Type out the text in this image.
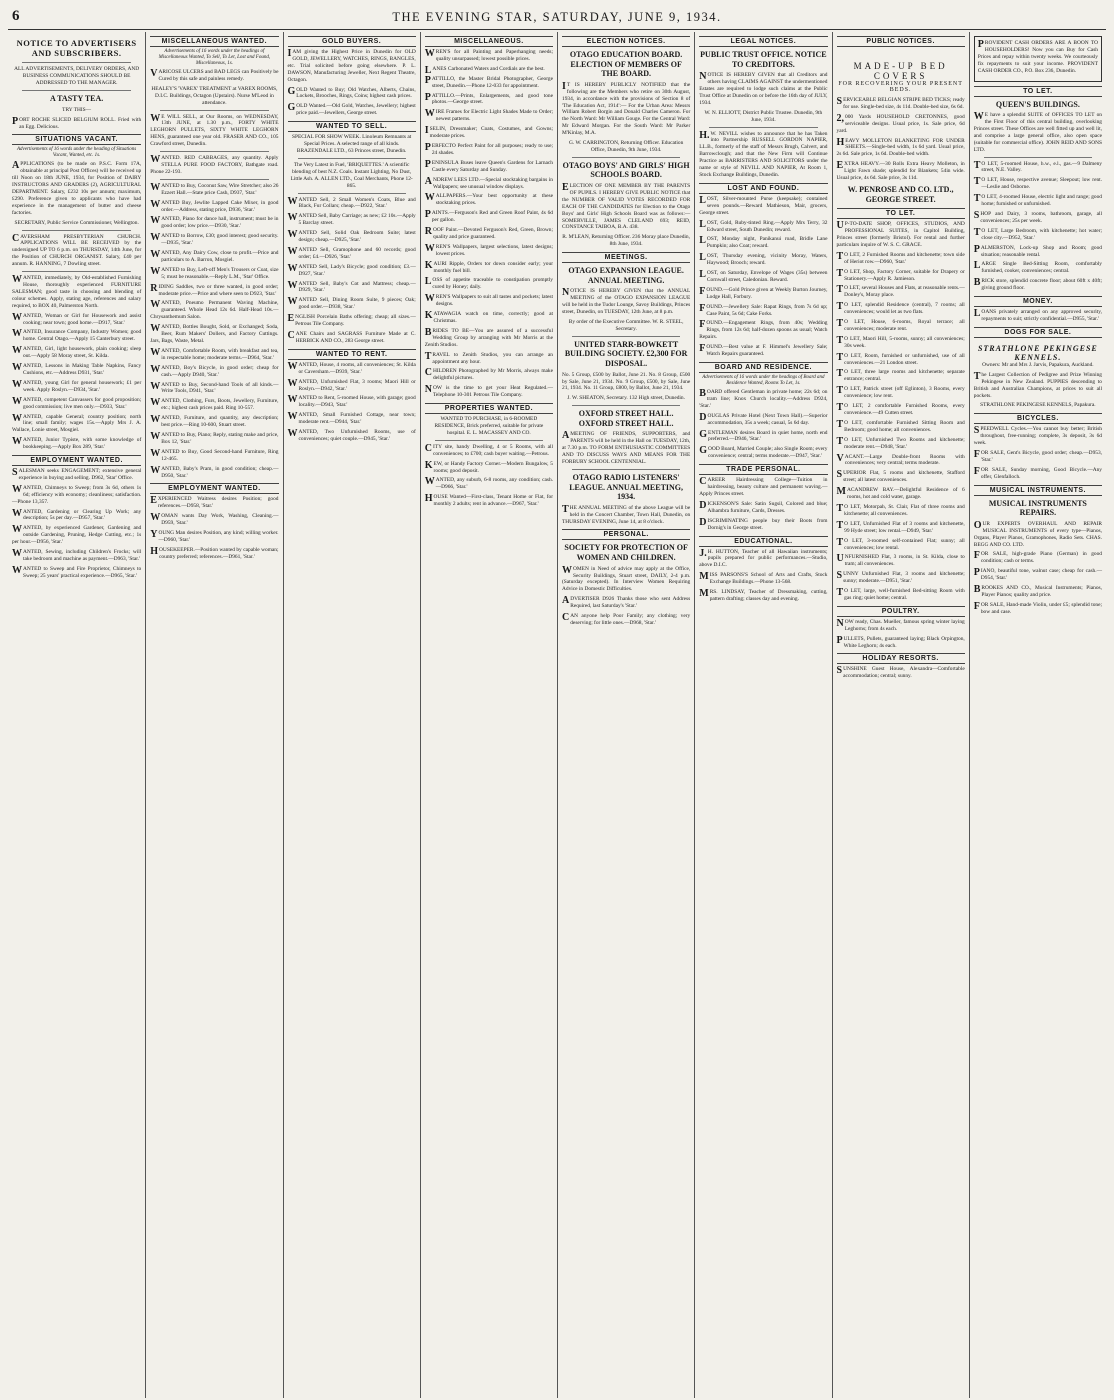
6	THE EVENING STAR, SATURDAY, JUNE 9, 1934.
NOTICE TO ADVERTISERS AND SUBSCRIBERS.
ALL ADVERTISEMENTS, DELIVERY ORDERS, AND BUSINESS COMMUNICATIONS SHOULD BE ADDRESSED TO THE MANAGER.
A TASTY TEA.
TRY THIS—
PORT ROCHE SLICED BELGIUM ROLL. Fried with an Egg. Delicious.
SITUATIONS VACANT.
Advertisements of 16 words under the heading of Situations Vacant, Wanted, etc. 1s.
APPLICATIONS (to be made on P.S.C. Form 17A, obtainable at principal Post Offices) will be received up till Noon on 18th JUNE, 1934, for Position of DAIRY INSTRUCTORS AND GRADERS (2), AGRICULTURAL DEPARTMENT. Salary, £232 10s per annum; maximum, £290. Preference given to applicants who have had experience in the management of butter and cheese factories.
SECRETARY, Public Service Commissioner, Wellington.
CAVERSHAM PRESBYTERIAN CHURCH. APPLICATIONS WILL BE RECEIVED by the undersigned UP TO 6 p.m. on THURSDAY, 14th June, for the Position of CHURCH ORGANIST. Salary, £40 per annum. R. HANNING, 7 Dowling street.
WANTED, immediately, by Old-established Furnishing House, thoroughly experienced FURNITURE SALESMAN; good taste in choosing and blending of colour schemes. Apply, stating age, references and salary required, to BOX 40, Palmerston North.
WANTED, Woman or Girl for Housework and assist cooking; near town; good home.—D917, 'Star.'
WANTED, Insurance Company, Industry Women; good home. Central Otago.—Apply 15 Canterbury street.
WANTED, Girl, light housework, plain cooking; sleep out.—Apply 58 Moray street, St. Kilda.
WANTED, Lessons in Making Table Napkins, Fancy Cushions, etc.—Address D931, 'Star.'
WANTED, young Girl for general housework; £1 per week. Apply Roslyn.—D934, 'Star.'
WANTED, competent Canvassers for good proposition; good commission; live men only.—D933, 'Star.'
WANTED, capable General; country position; north line; small family; wages 15s.—Apply Mrs J. A. Wallace, Lonie street, Mosgiel.
WANTED, Junior Typiste, with some knowledge of bookkeeping.—Apply Box 289, 'Star.'
EMPLOYMENT WANTED.
SALESMAN seeks ENGAGEMENT; extensive general experience in buying and selling. D962, 'Star' Office.
WANTED, Chimneys to Sweep; from 3s 6d, others 1s 6d; efficiency with economy; cleanliness; satisfaction.—Phone 13,357.
WANTED, Gardening or Clearing Up Work; any description; 5s per day.—D957, 'Star.'
WANTED, by experienced Gardener, Gardening and outside Gardening, Pruning, Hedge Cutting, etc.; 1s per hour.—D956, 'Star.'
WANTED, Sewing, including Children's Frocks; will take bedroom and machine as payment.—D963, 'Star.'
WANTED to Sweep and Fire Proprietor, Chimneys to Sweep; 25 years' practical experience.—D965, 'Star.'
MISCELLANEOUS WANTED.
Advertisements of 16 words under the headings of Miscellaneous Wanted, To Sell, To Let, Lost and Found, Miscellaneous, 1s.
VARICOSE ULCERS and BAD LEGS can Positively be Cured by this safe and painless remedy.
HEALEY'S 'VAREX' TREATMENT at VAREX ROOMS, D.I.C. Buildings, Octagon (Upstairs). Nurse M'Leod in attendance.
WE WILL SELL, at Our Rooms, on WEDNESDAY, 13th JUNE, at 1.30 p.m., FORTY WHITE LEGHORN PULLETS, SIXTY WHITE LEGHORN HENS, guaranteed one year old. FRASER AND CO., 105 Crawford street, Dunedin.
WANTED. RED CABBAGES, any quantity. Apply STELLA PURE FOOD FACTORY, Bathgate road. Phone 22-193.
WANTED to Buy, Coconut Saw, Wire Stretcher; also 26 Ezzert Hall.—State price Cash, D937, 'Star.'
WANTED Buy, Jewlite Lapped Cake Mixer, in good order.—Address, stating price, D936, 'Star.'
WANTED, Piano for dance hall, instrument; must be in good order; low price.—D930, 'Star.'
WANTED to Borrow, £30; good interest; good security.—D935, 'Star.'
WANTED, Any Dairy Cow, close to profit.—Price and particulars to A. Barron, Mosgiel.
WANTED to Buy, Left-off Men's Trousers or Coat, size 5; must be reasonable.—Reply L.M., 'Star' Office.
RIDING Saddles, two or three wanted, in good order; moderate price.—Price and where seen to D923, 'Star.'
WANTED, Pneumo Permanent Waving Machine, guaranteed. Whole Head 12s 6d. Half-Head 10s.—Chrysanthemum Salon.
WANTED, Bottles Bought, Sold, or Exchanged; Soda, Beer, Rum Makers' Dollers, and Factory Cuttings. Jars, Bags, Waste, Metal.
WANTED, Comfortable Room, with breakfast and tea, in respectable home; moderate terms.—D964, 'Star.'
WANTED, Boy's Bicycle, in good order; cheap for cash.—Apply D940, 'Star.'
WANTED to Buy, Second-hand Tools of all kinds.—Write Tools, D941, 'Star.'
WANTED, Clothing, Furs, Boots, Jewellery, Furniture, etc.; highest cash prices paid. Ring 10-557.
WANTED, Furniture, and quantity, any description; best price.—Ring 10-600, Stuart street.
WANTED to Buy, Piano; Reply, stating make and price, Box 12, 'Star.'
WANTED to Buy, Good Second-hand Furniture, Ring 12-465.
WANTED, Baby's Pram, in good condition; cheap.—D950, 'Star.'
EMPLOYMENT WANTED.
EXPERIENCED Waitress desires Position; good references.—D958, 'Star.'
WOMAN wants Day Work, Washing, Cleaning.—D959, 'Star.'
YOUNG Man desires Position, any kind; willing worker.—D960, 'Star.'
HOUSEKEEPER.—Position wanted by capable woman; country preferred; references.—D961, 'Star.'
GOLD BUYERS.
IAM giving the Highest Price in Dunedin for OLD GOLD, JEWELLERY, WATCHES, RINGS, BANGLES, etc. Trial solicited before going elsewhere. P. L. DAWSON, Manufacturing Jeweller, Next Regent Theatre, Octagon.
GOLD Wanted to Buy; Old Watches, Alberts, Chains, Lockets, Brooches, Rings, Coins; highest cash prices.
GOLD Wanted.—Old Gold, Watches, Jewellery; highest price paid.—Jewellers, George street.
WANTED TO SELL.
SPECIAL FOR SHOW WEEK. Linoleum Remnants at Special Prices. A selected range of all kinds. BRAZENDALE LTD., 63 Princes street, Dunedin.
The Very Latest in Fuel, 'BRIQUETTES.' A scientific blending of best N.Z. Coals. Instant Lighting, No Dust, Little Ash. A. ALLEN LTD., Coal Merchants, Phone 12-865.
WANTED Sell, 2 Small Women's Coats, Blue and Black, Fur Collars; cheap.—D922, 'Star.'
WANTED Sell, Baby Carriage; as new; £2 10s.—Apply 5 Barclay street.
WANTED Sell, Solid Oak Bedroom Suite; latest design; cheap.—D925, 'Star.'
WANTED Sell, Gramophone and 60 records; good order; £4.—D926, 'Star.'
WANTED Sell, Lady's Bicycle; good condition; £3.—D927, 'Star.'
WANTED Sell, Baby's Cot and Mattress; cheap.—D929, 'Star.'
WANTED Sell, Dining Room Suite, 9 pieces; Oak; good order.—D938, 'Star.'
ENGLISH Porcelain Baths offering; cheap; all sizes.—Petrous Tile Company.
CANE Chairs and SAGRASS Furniture Made at C. HERBICK AND CO., 283 George street.
WANTED TO RENT.
WANTED, House, 4 rooms, all conveniences; St. Kilda or Caversham.—D939, 'Star.'
WANTED, Unfurnished Flat, 3 rooms; Maori Hill or Roslyn.—D942, 'Star.'
WANTED to Rent, 5-roomed House, with garage; good locality.—D943, 'Star.'
WANTED, Small Furnished Cottage, near town; moderate rent.—D944, 'Star.'
WANTED, Two Unfurnished Rooms, use of conveniences; quiet couple.—D945, 'Star.'
MISCELLANEOUS.
WREN'S for all Painting and Paperhanging needs; quality unsurpassed; lowest possible prices.
LANES Carbonated Waters and Cordials are the best.
PATTILLO, the Master Bridal Photographer, George street, Dunedin.—Phone 12-033 for appointment.
PATTILLO.—Prints, Enlargements, and good tone photos.—George street.
WIRE Frames for Electric Light Shades Made to Order; newest patterns.
ISELIN, Dressmaker; Coats, Costumes, and Gowns; moderate prices.
PERFECTO Perfect Paint for all purposes; ready to use; 24 shades.
PENINSULA Buses leave Queen's Gardens for Larnach Castle every Saturday and Sunday.
ANDREW LEES LTD.—Special stocktaking bargains in Wallpapers; see unusual window displays.
WALLPAPERS.—Your best opportunity at these stocktaking prices.
PAINTS.—Ferguson's Red and Green Roof Paint, 4s 6d per gallon.
ROOF Paint.—Devoted Ferguson's Red, Green, Brown; quality and price guaranteed.
WREN'S Wallpapers, largest selections, latest designs; lowest prices.
KAURI Ripple, Orders tor down consider early; your monthly fuel bill.
LOSS of appetite traceable to constipation promptly cured by Honey; daily.
WREN'S Wallpapers to suit all tastes and pockets; latest designs.
KATAWAGIA watch on time, correctly; good at Christmas.
BRIDES TO BE—You are assured of a successful Wedding Group by arranging with Mr Morris at the Zenith Studios.
TRAVEL to Zenith Studios, you can arrange an appointment any hour.
CHILDREN Photographed by Mr Morris, always make delightful pictures.
NOW is the time to get your Heat Regulated.—Telephone 10-301 Petrous Tile Company.
PROPERTIES WANTED.
WANTED TO PURCHASE, in 6-ROOMED RESIDENCE, Brick preferred, suitable for private hospital. E. L. MACASSEY AND CO.
CITY site, handy Dwelling, 4 or 5 Rooms, with all conveniences; to £700; cash buyer waiting.—Petrous.
KEW, or Handy Factory Corner.—Modern Bungalow, 5 rooms; good deposit.
WANTED, any suburb, 6-8 rooms, any condition; cash.—D966, 'Star.'
HOUSE Wanted—First-class, Tenant Home or Flat, for monthly 2 adults; rent in advance.—D967, 'Star.'
ELECTION NOTICES.
OTAGO EDUCATION BOARD. ELECTION OF MEMBERS OF THE BOARD.
IT IS HEREBY PUBLICLY NOTIFIED that the following are the Members who retire on 30th August, 1934, in accordance with the provisions of Section 8 of 'The Education Act, 1914':— For the Urban Area: Messrs William Robert Borgin and Donald Charles Cameron. For the North Ward: Mr William Gouge. For the Central Ward: Mr Edward Morgan. For the South Ward: Mr Parker M'Kinlay, M.A.
G. W. CARRINGTON, Returning Officer. Education Office, Dunedin, 9th June, 1934.
OTAGO BOYS' AND GIRLS' HIGH SCHOOLS BOARD.
ELECTION OF ONE MEMBER BY THE PARENTS OF PUPILS. I HEREBY GIVE PUBLIC NOTICE that the NUMBER OF VALID VOTES RECORDED FOR EACH OF THE CANDIDATES for Election to the Otago Boys' and Girls' High Schools Board was as follows:— SOMERVILLE, JAMES CLELAND 693; REID, CONSTANCE TAIBOA, B.A. 438.
R. M'LEAN, Returning Officer. 236 Moray place Dunedin, 8th June, 1934.
MEETINGS.
OTAGO EXPANSION LEAGUE. ANNUAL MEETING.
NOTICE IS HEREBY GIVEN that the ANNUAL MEETING of the OTAGO EXPANSION LEAGUE will be held in the Tudor Lounge, Savoy Buildings, Princes street, Dunedin, on TUESDAY, 12th June, at 8 p.m.
By order of the Executive Committee. W. R. STEEL, Secretary.
UNITED STARR-BOWKETT BUILDING SOCIETY. £2,300 FOR DISPOSAL.
No. 5 Group, £500 by Ballot, June 21. No. 8 Group, £500 by Sale, June 21, 1934. No. 9 Group, £500, by Sale, June 21, 1934. No. 11 Group, £800, by Ballot, June 21, 1934.
J. W. SHEATON, Secretary. 132 High street, Dunedin.
OXFORD STREET HALL. OXFORD STREET HALL.
AMEETING OF FRIENDS, SUPPORTERS, and PARENTS will be held in the Hall on TUESDAY, 12th, at 7.30 p.m. TO FORM ENTHUSIASTIC COMMITTEES AND TO DISCUSS WAYS AND MEANS FOR THE FORBURY SCHOOL CENTENNIAL.
OTAGO RADIO LISTENERS' LEAGUE. ANNUAL MEETING, 1934.
THE ANNUAL MEETING of the above League will be held in the Concert Chamber, Town Hall, Dunedin, on THURSDAY EVENING, June 14, at 8 o'clock.
PERSONAL.
SOCIETY FOR PROTECTION OF WOMEN AND CHILDREN.
WOMEN in Need of advice may apply at the Office, Security Buildings, Stuart street, DAILY, 2-4 p.m. (Saturday excepted). In Interview Women Requiring Advice in Domestic Difficulties.
ADVERTISER D926 Thanks those who sent Address Required, last Saturday's 'Star.'
CAN anyone help Poor Family; any clothing; very deserving; for little ones.—D968, 'Star.'
LEGAL NOTICES.
PUBLIC TRUST OFFICE. NOTICE TO CREDITORS.
NOTICE IS HEREBY GIVEN that all Creditors and others having CLAIMS AGAINST the undermentioned Estates are required to lodge such claims at the Public Trust Office at Dunedin on or before the 16th day of JULY, 1934.
W. N. ELLIOTT, District Public Trustee. Dunedin, 9th June, 1934.
H.W. NEVILL wishes to announce that he has Taken into Partnership RUSSELL GORDON NAPIER, LL.B., formerly of the staff of Messrs Brugh, Calvert, and Barrowclough; and that the New Firm will Continue Practice as BARRISTERS AND SOLICITORS under the name or style of NEVILL AND NAPIER, At Room 1, Stock Exchange Buildings, Dunedin.
LOST AND FOUND.
LOST, Silver-mounted Purse (keepsake); contained seven pounds.—Reward Mathieson, Mair, grocers, George street.
LOST, Gold, Ruby-tinted Ring.—Apply Mrs Terry, 32 Edward street, South Dunedin; reward.
LOST, Monday night, Panikanui road, Bridle Lane Pumpkin; also Coat; reward.
LOST, Thursday evening, vicinity Moray, Waters, Haywood; Brooch; reward.
LOST, on Saturday, Envelope of Wages (35s) between Cornwall street, Caledonian. Reward.
FOUND.—Gold Prince given at Weekly Burton Journey, Lodge Hall, Forbury.
FOUND.—Jewellery Sale: Rapat Rings, from 7s 6d up; Case Paint, 5s 6d; Cake Forks.
FOUND.—Engagement Rings, from 40s; Wedding Rings, from 12s 6d; half-dozen spoons as usual; Watch Repairs.
FOUND.—Best value at F. Himmel's Jewellery Sale; Watch Repairs guaranteed.
BOARD AND RESIDENCE.
Advertisements of 16 words under the headings of Board and Residence Wanted, Rooms To Let, 1s.
BOARD offered Gentleman in private home; 22s 6d; on tram line; Knox Church locality.—Address D924, 'Star.'
DOUGLAS Private Hotel (Next Town Hall).—Superior accommodation, 35s a week; casual, 5s 6d day.
GENTLEMAN desires Board in quiet home, north end preferred.—D946, 'Star.'
GOOD Board, Married Couple; also Single Room; every convenience; central; terms moderate.—D947, 'Star.'
TRADE PERSONAL.
CAREER Hairdressing College—Tuition in hairdressing, beauty culture and permanent waving.—Apply Princes street.
DICKENSON'S Sale: Satin Sugsil, Colored and blue; Alhambra furniture, Cards, Dresses.
DISCRIMINATING people buy their Boots from Dornig's in George street.
EDUCATIONAL.
J.H. HUTTON, Teacher of all Hawaiian instruments; pupils prepared for public performances.—Studio, above D.I.C.
MISS PARSONS'S School of Arts and Crafts, Stock Exchange Buildings.—Phone 13-568.
MRS. LINDSAY, Teacher of Dressmaking, cutting, pattern drafting; classes day and evening.
PUBLIC NOTICES.
MADE-UP BED COVERS
FOR RECOVERING YOUR PRESENT BEDS.
SERVICEABLE BELGIAN STRIPE BED TICKS; ready for use. Single-bed size, 4s 11d. Double-bed size, 6s 6d.
2,000 Yards HOUSEHOLD CRETONNES, good serviceable designs. Usual price, 1s. Sale price, 6d yard.
HEAVY MOLLETON BLANKETING FOR UNDER SHEETS.—Single-bed width, 1s 6d yard. Usual price, 2s 6d. Sale price, 1s 6d. Double-bed width.
EXTRA HEAVY.—30 Rolls Extra Heavy Molleton, in Light Fawn shade; splendid for Blankets; 54in wide. Usual price, 4s 6d. Sale price, 3s 11d.
W. PENROSE AND CO. LTD., GEORGE STREET.
TO LET.
UP-TO-DATE SHOP, OFFICES, STUDIOS, AND PROFESSIONAL SUITES, in Capitol Building, Princes street (formerly Bristol). For rental and further particulars inquire of W. S. C. GRACE.
TO LET, 2 Furnished Rooms and kitchenette; town side of Heriot row.—D960, 'Star.'
TO LET, Shop, Factory Corner, suitable for Drapery or Stationery.—Apply R. Jamieson.
TO LET, several Houses and Flats, at reasonable rents.—Donley's, Moray place.
TO LET, splendid Residence (central), 7 rooms; all conveniences; would let as two flats.
TO LET, House, 6-rooms, Royal terrace; all conveniences; moderate rent.
TO LET, Maori Hill, 5-rooms, sunny; all conveniences; 30s week.
TO LET, Room, furnished or unfurnished, use of all conveniences.—21 London street.
TO LET, three large rooms and kitchenette; separate entrance; central.
TO LET, Patrick street (off Eglinton), 3 Rooms, every convenience; low rent.
TO LET, 2 comfortable Furnished Rooms, every convenience.—49 Cutten street.
TO LET, comfortable Furnished Sitting Room and Bedroom; good home; all conveniences.
TO LET, Unfurnished Two Rooms and kitchenette; moderate rent.—D948, 'Star.'
VACANT.—Large Double-front Rooms with conveniences; very central; terms moderate.
SUPERIOR Flat, 5 rooms and kitchenette, Stafford street; all latest conveniences.
MACANDREW BAY.—Delightful Residence of 6 rooms, hot and cold water, garage.
TO LET, Motorpah, St. Clair, Flat of three rooms and kitchenette; all conveniences.
TO LET, Unfurnished Flat of 3 rooms and kitchenette, 99 Hyde street; low rental.—D949, 'Star.'
TO LET, 3-roomed self-contained Flat; sunny; all conveniences; low rental.
UNFURNISHED Flat, 3 rooms, in St. Kilda, close to tram; all conveniences.
SUNNY Unfurnished Flat, 3 rooms and kitchenette; sunny; moderate.—D951, 'Star.'
TO LET, large, well-furnished Bed-sitting Room with gas ring; quiet home; central.
POULTRY.
NOW ready, Chas. Mueller, famous spring winter laying Leghorns; from 4s each.
PULLETS, Pullets, guaranteed laying; Black Orpington, White Leghorn; 4s each.
HOLIDAY RESORTS.
SUNSHINE Guest House, Alexandra—Comfortable accommodation; central; sunny.
PROVIDENT CASH ORDERS ARE A BOON TO HOUSEHOLDERS! Now you can Buy for Cash Prices and repay within twenty weeks. We courteously fix repayments to suit your income. PROVIDENT CASH ORDER CO., P.O. Box 236, Dunedin.
TO LET.
QUEEN'S BUILDINGS.
WE have a splendid SUITE of OFFICES TO LET on the First Floor of this central building, overlooking Princes street. These Offices are well fitted up and well lit, and comprise a large general office, also open space (suitable for commercial office). JOHN REID AND SONS LTD.
TO LET, 5-roomed House, h.w., e.l., gas.—9 Dalmeny street, N.E. Valley.
TO LET, House, respective avenue; Sleepout; low rent.—Leslie and Osborne.
TO LET, 4-roomed House, electric light and range; good home; furnished or unfurnished.
SHOP and Dairy, 3 rooms, bathroom, garage, all conveniences; 25s per week.
TO LET, Large Bedroom, with kitchenette; hot water; close city.—D952, 'Star.'
PALMERSTON, Lock-up Shop and Room; good situation; reasonable rental.
LARGE Single Bed-Sitting Room, comfortably furnished, cooker, conveniences; central.
BRICK store, splendid concrete floor; about 60ft x 40ft; giving ground floor.
MONEY.
LOANS privately arranged on any approved security, repayments to suit; strictly confidential.—D955, 'Star.'
DOGS FOR SALE.
STRATHLONE PEKINGESE KENNELS.
Owners: Mr and Mrs J. Jarvis, Papakura, Auckland.
The Largest Collection of Pedigree and Prize Winning Pekingese in New Zealand. PUPPIES descending to British and Australian Champions, at prices to suit all pockets.
STRATHLONE PEKINGESE KENNELS, Papakura.
BICYCLES.
SPEEDWELL Cycles.—You cannot buy better; British throughout, free-running; complete, 3s deposit, 3s 6d week.
FOR SALE, Gent's Bicycle, good order; cheap.—D953, 'Star.'
FOR SALE, Sunday morning, Good Bicycle.—Any offer, Glenfalloch.
MUSICAL INSTRUMENTS.
MUSICAL INSTRUMENTS REPAIRS.
OUR EXPERTS OVERHAUL AND REPAIR MUSICAL INSTRUMENTS of every type—Pianos, Organs, Player Pianos, Gramophones, Radio Sets. CHAS. BEGG AND CO. LTD.
FOR SALE, high-grade Piano (German) in good condition; cash or terms.
PIANO, beautiful tone, walnut case; cheap for cash.—D954, 'Star.'
BROOKES AND CO., Musical Instruments; Pianos, Player Pianos; quality and price.
FOR SALE, Hand-made Violin, under £5; splendid tone; bow and case.
